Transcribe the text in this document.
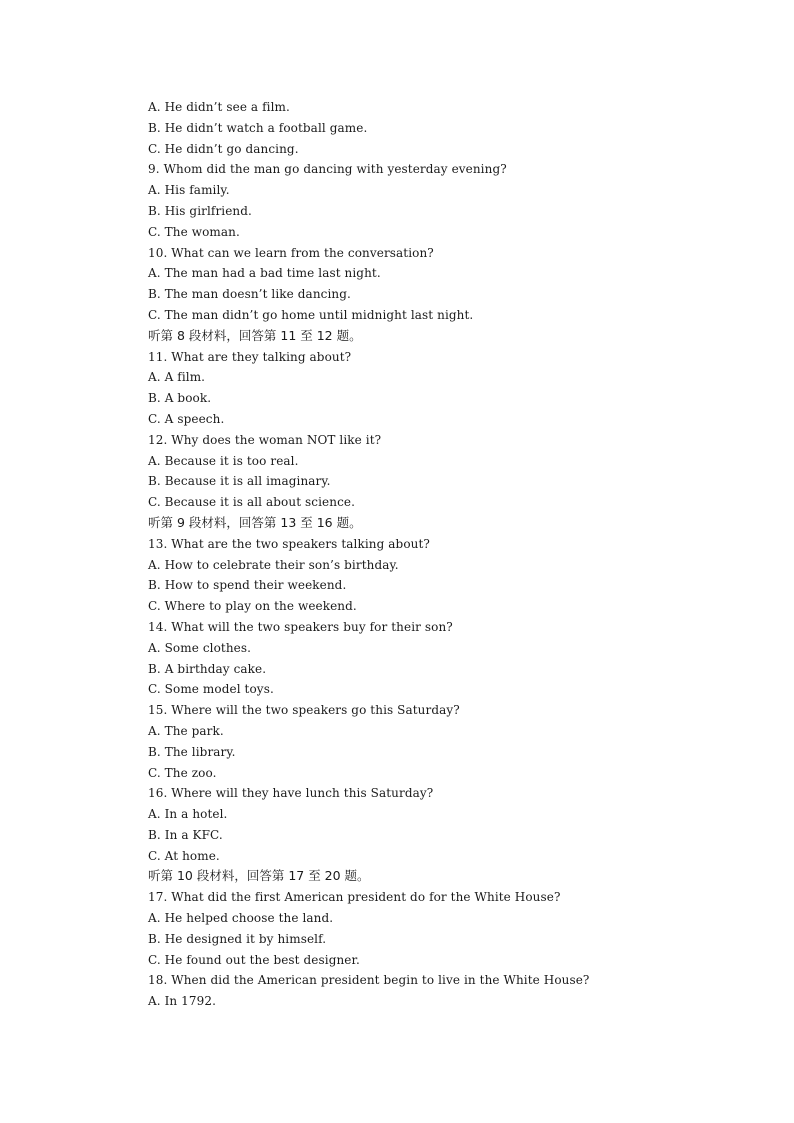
A. He didn’t see a film.
B. He didn’t watch a football game.
C. He didn’t go dancing.
9. Whom did the man go dancing with yesterday evening?
A. His family.
B. His girlfriend.
C. The woman.
10. What can we learn from the conversation?
A. The man had a bad time last night.
B. The man doesn’t like dancing.
C. The man didn’t go home until midnight last night.
听第 8 段材料，回答第 11 至 12 题。
11. What are they talking about?
A. A film.
B. A book.
C. A speech.
12. Why does the woman NOT like it?
A. Because it is too real.
B. Because it is all imaginary.
C. Because it is all about science.
听第 9 段材料，回答第 13 至 16 题。
13. What are the two speakers talking about?
A. How to celebrate their son’s birthday.
B. How to spend their weekend.
C. Where to play on the weekend.
14. What will the two speakers buy for their son?
A. Some clothes.
B. A birthday cake.
C. Some model toys.
15. Where will the two speakers go this Saturday?
A. The park.
B. The library.
C. The zoo.
16. Where will they have lunch this Saturday?
A. In a hotel.
B. In a KFC.
C. At home.
听第 10 段材料，回答第 17 至 20 题。
17. What did the first American president do for the White House?
A. He helped choose the land.
B. He designed it by himself.
C. He found out the best designer.
18. When did the American president begin to live in the White House?
A. In 1792.
